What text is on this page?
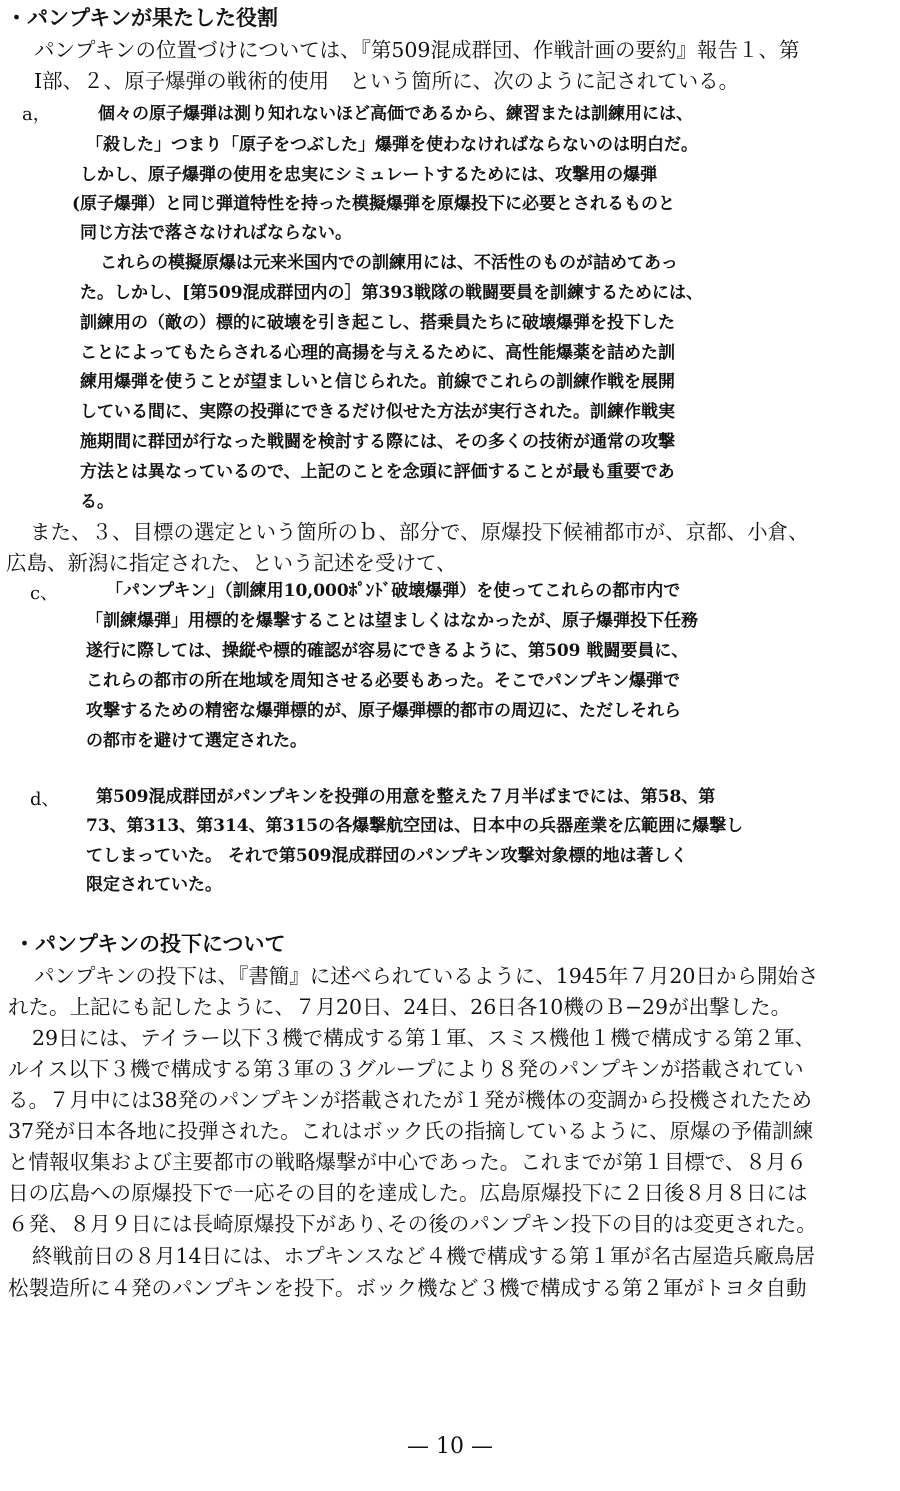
・パンプキンが果たした役割
パンプキンの位置づけについては、『第509混成群団、作戦計画の要約』報告１、第
Ⅰ部、２、原子爆弾の戦術的使用　という箇所に、次のように記されている。
a，	個々の原子爆弾は測り知れないほど高価であるから、練習または訓練用には、
「殺した」つまり「原子をつぶした」爆弾を使わなければならないのは明白だ。
しかし、原子爆弾の使用を忠実にシミュレートするためには、攻撃用の爆弾
(原子爆弾）と同じ弾道特性を持った模擬爆弾を原爆投下に必要とされるものと
同じ方法で落さなければならない。
これらの模擬原爆は元来米国内での訓練用には、不活性のものが詰めてあっ
た。しかし、[第509混成群団内の］第393戦隊の戦闘要員を訓練するためには、
訓練用の（敵の）標的に破壊を引き起こし、搭乗員たちに破壊爆弾を投下した
ことによってもたらされる心理的高揚を与えるために、高性能爆薬を詰めた訓
練用爆弾を使うことが望ましいと信じられた。前線でこれらの訓練作戦を展開
している間に、実際の投弾にできるだけ似せた方法が実行された。訓練作戦実
施期間に群団が行なった戦闘を検討する際には、その多くの技術が通常の攻撃
方法とは異なっているので、上記のことを念頭に評価することが最も重要であ
る。
また、３、目標の選定という箇所のｂ、部分で、原爆投下候補都市が、京都、小倉、
広島、新潟に指定された、という記述を受けて、
c、	「パンプキン」（訓練用10,000ﾎﾟﾝﾄﾞ破壊爆弾）を使ってこれらの都市内で
「訓練爆弾」用標的を爆撃することは望ましくはなかったが、原子爆弾投下任務
遂行に際しては、操縦や標的確認が容易にできるように、第509 戦闘要員に、
これらの都市の所在地域を周知させる必要もあった。そこでパンプキン爆弾で
攻撃するための精密な爆弾標的が、原子爆弾標的都市の周辺に、ただしそれら
の都市を避けて選定された。
d、 第509混成群団がパンプキンを投弾の用意を整えた７月半ばまでには、第58、第
73、第313、第314、第315の各爆撃航空団は、日本中の兵器産業を広範囲に爆撃し
てしまっていた。 それで第509混成群団のパンプキン攻撃対象標的地は著しく
限定されていた。
・パンプキンの投下について
パンプキンの投下は、『書簡』に述べられているように、1945年７月20日から開始さ
れた。上記にも記したように、７月20日、24日、26日各10機のＢ−29が出撃した。
29日には、テイラー以下３機で構成する第１軍、スミス機他１機で構成する第２軍、
ルイス以下３機で構成する第３軍の３グループにより８発のパンプキンが搭載されてい
る。７月中には38発のパンプキンが搭載されたが１発が機体の変調から投機されたため
37発が日本各地に投弾された。これはボック氏の指摘しているように、原爆の予備訓練
と情報収集および主要都市の戦略爆撃が中心であった。これまでが第１目標で、８月６
日の広島への原爆投下で一応その目的を達成した。広島原爆投下に２日後８月８日には
６発、８月９日には長崎原爆投下があり､その後のパンプキン投下の目的は変更された。
終戦前日の８月14日には、ホプキンスなど４機で構成する第１軍が名古屋造兵廠鳥居
松製造所に４発のパンプキンを投下。ボック機など３機で構成する第２軍がトヨタ自動
— 10 —
